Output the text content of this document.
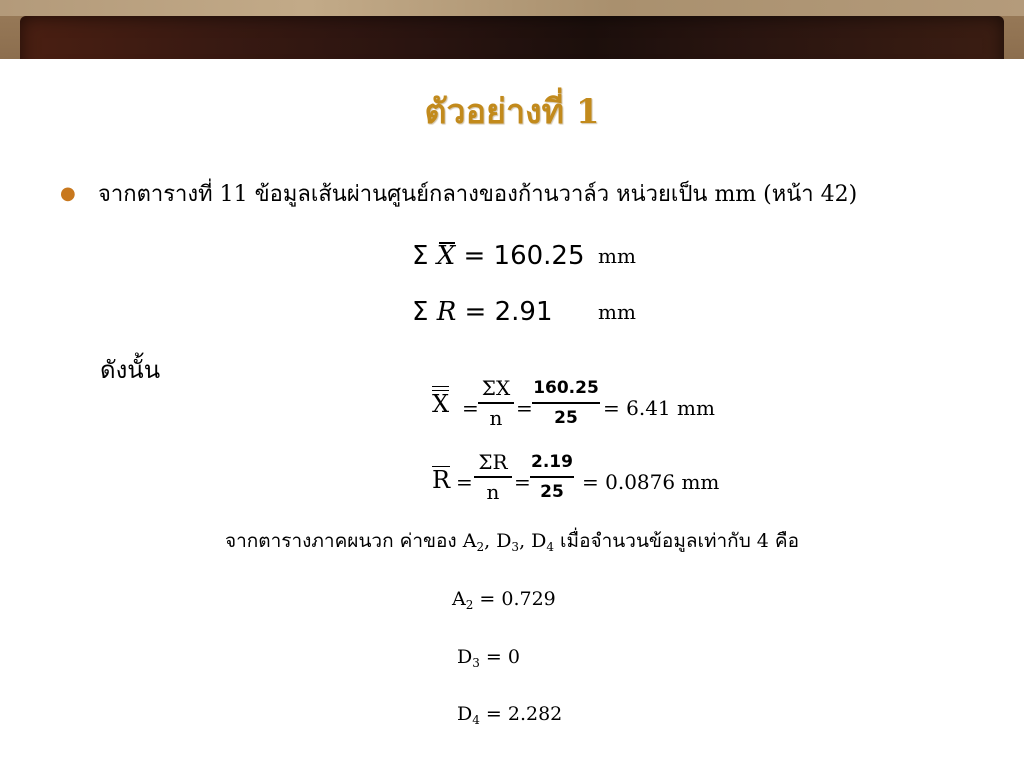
ตัวอย่างที่ 1
● จากตารางที่ 11 ข้อมูลเส้นผ่านศูนย์กลางของก้านวาล์ว หน่วยเป็น mm (หน้า 42)
Σ X = 160.25 mm
Σ R = 2.91 mm
ดังนั้น
X =
ΣX
n =
160.25
25	= 6.41 mm
R =
ΣR
n =
2.19
25 = 0.0876 mm
จากตารางภาคผนวก ค่าของ $A_2$, $D_3$, $D_4$ เมื่อจำนวนข้อมูลเท่ากับ 4 คือ
$A_2 = 0.729$
$D_3 = 0$
$D_4 = 2.282$
